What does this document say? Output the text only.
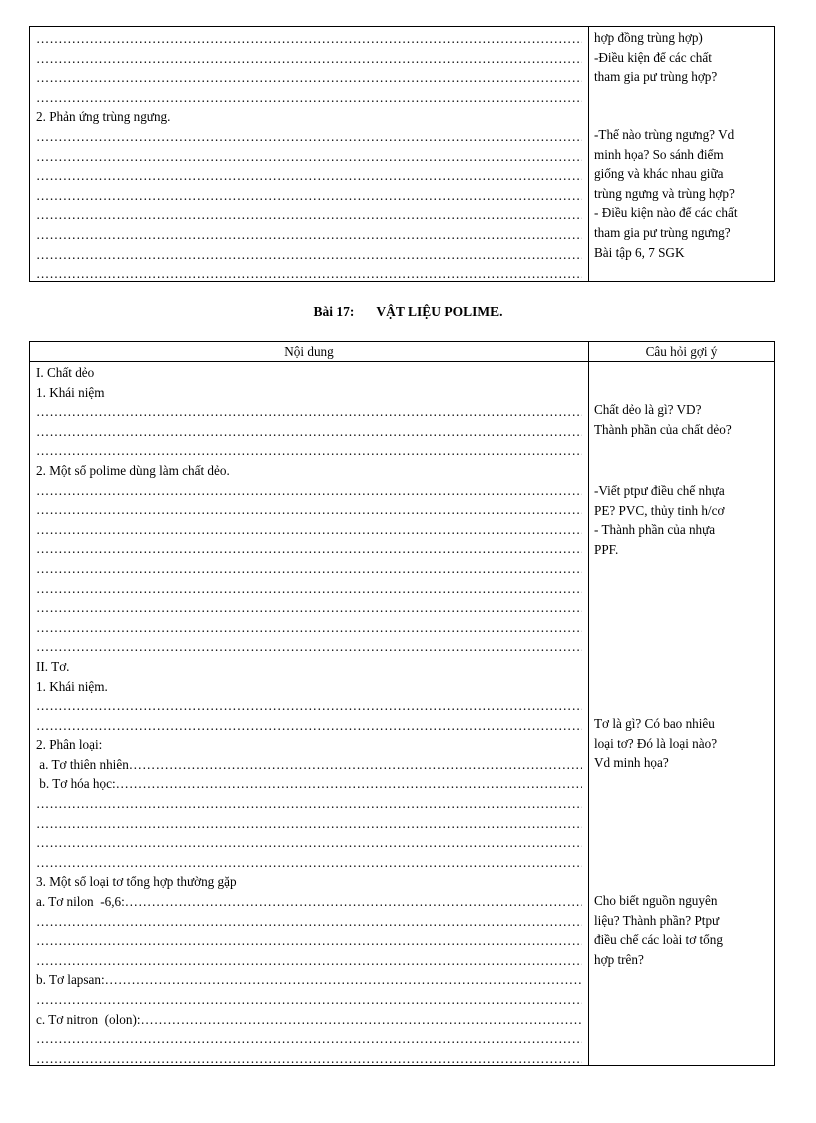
………………………………………………………………………………………………………………………………………………………………………………………
………………………………………………………………………………………………………………………………………………………………………………………
………………………………………………………………………………………………………………………………………………………………………………………
………………………………………………………………………………………………………………………………………………………………………………………
2. Phản ứng trùng ngưng.
………………………………………………………………………………………………………………………………………………………………………………………
………………………………………………………………………………………………………………………………………………………………………………………
………………………………………………………………………………………………………………………………………………………………………………………
………………………………………………………………………………………………………………………………………………………………………………………
………………………………………………………………………………………………………………………………………………………………………………………
………………………………………………………………………………………………………………………………………………………………………………………
………………………………………………………………………………………………………………………………………………………………………………………
………………………………………………………………………………………………………………………………………………………………………………………
hợp đồng trùng hợp)
-Điều kiện để các chất
tham gia pư trùng hợp?
-Thế nào trùng ngưng? Vd
minh họa? So sánh điểm
giống và khác nhau giữa
trùng ngưng và trùng hợp?
- Điều kiện nào để các chất
tham gia pư trùng ngưng?
Bài tập 6, 7 SGK
Bài 17: VẬT LIỆU POLIME.
Nội dung	Câu hỏi gợi ý
I. Chất dẻo
1. Khái niệm
………………………………………………………………………………………………………………………………………………………………………………………
………………………………………………………………………………………………………………………………………………………………………………………
………………………………………………………………………………………………………………………………………………………………………………………
2. Một số polime dùng làm chất dẻo.
………………………………………………………………………………………………………………………………………………………………………………………
………………………………………………………………………………………………………………………………………………………………………………………
………………………………………………………………………………………………………………………………………………………………………………………
………………………………………………………………………………………………………………………………………………………………………………………
………………………………………………………………………………………………………………………………………………………………………………………
………………………………………………………………………………………………………………………………………………………………………………………
………………………………………………………………………………………………………………………………………………………………………………………
………………………………………………………………………………………………………………………………………………………………………………………
………………………………………………………………………………………………………………………………………………………………………………………
II. Tơ.
1. Khái niệm.
………………………………………………………………………………………………………………………………………………………………………………………
………………………………………………………………………………………………………………………………………………………………………………………
2. Phân loại:
a. Tơ thiên nhiên ………………………………………………………………………………………………………………………………………………………………………………………
b. Tơ hóa học: ………………………………………………………………………………………………………………………………………………………………………………………
………………………………………………………………………………………………………………………………………………………………………………………
………………………………………………………………………………………………………………………………………………………………………………………
………………………………………………………………………………………………………………………………………………………………………………………
………………………………………………………………………………………………………………………………………………………………………………………
3. Một số loại tơ tổng hợp thường gặp
a. Tơ nilon  -6,6: ………………………………………………………………………………………………………………………………………………………………………………………
………………………………………………………………………………………………………………………………………………………………………………………
………………………………………………………………………………………………………………………………………………………………………………………
………………………………………………………………………………………………………………………………………………………………………………………
b. Tơ lapsan: ………………………………………………………………………………………………………………………………………………………………………………………
………………………………………………………………………………………………………………………………………………………………………………………
c. Tơ nitron  (olon): ………………………………………………………………………………………………………………………………………………………………………………………
………………………………………………………………………………………………………………………………………………………………………………………
………………………………………………………………………………………………………………………………………………………………………………………
Chất dẻo là gì? VD?
Thành phần của chất dẻo?
-Viết ptpư điều chế nhựa
PE? PVC, thủy tinh h/cơ
- Thành phần của nhựa
PPF.
Tơ là gì? Có bao nhiêu
loại tơ? Đó là loại nào?
Vd minh họa?
Cho biết nguồn nguyên
liệu? Thành phần? Ptpư
điều chế các loài tơ tổng
hợp trên?
